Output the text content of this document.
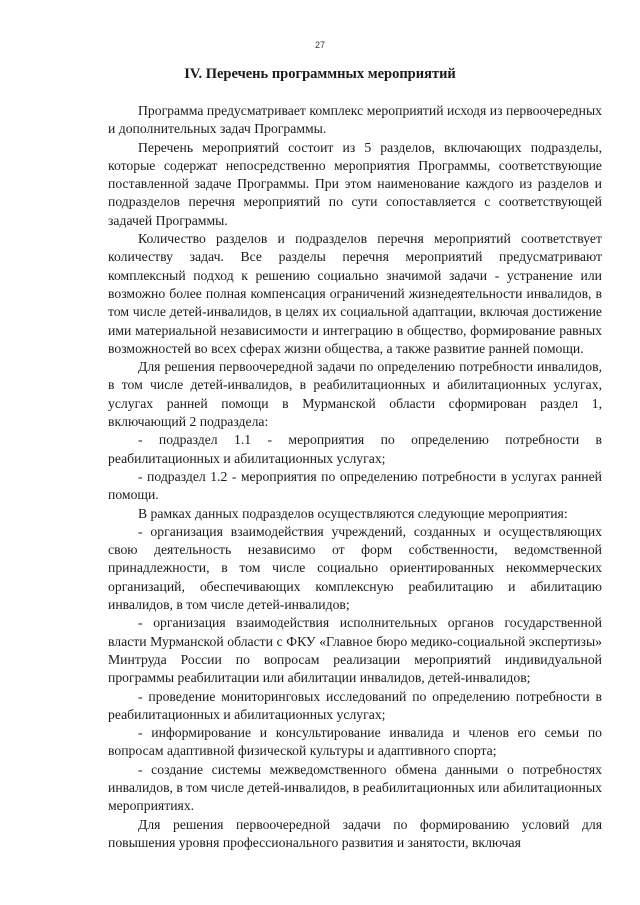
27
IV. Перечень программных мероприятий

Программа предусматривает комплекс мероприятий исходя из первоочередных и дополнительных задач Программы.

Перечень мероприятий состоит из 5 разделов, включающих подразделы, которые содержат непосредственно мероприятия Программы, соответствующие поставленной задаче Программы. При этом наименование каждого из разделов и подразделов перечня мероприятий по сути сопоставляется с соответствующей задачей Программы.

Количество разделов и подразделов перечня мероприятий соответствует количеству задач. Все разделы перечня мероприятий предусматривают комплексный подход к решению социально значимой задачи - устранение или возможно более полная компенсация ограничений жизнедеятельности инвалидов, в том числе детей-инвалидов, в целях их социальной адаптации, включая достижение ими материальной независимости и интеграцию в общество, формирование равных возможностей во всех сферах жизни общества, а также развитие ранней помощи.

Для решения первоочередной задачи по определению потребности инвалидов, в том числе детей-инвалидов, в реабилитационных и абилитационных услугах, услугах ранней помощи в Мурманской области сформирован раздел 1, включающий 2 подраздела:

- подраздел 1.1 - мероприятия по определению потребности в реабилитационных и абилитационных услугах;

- подраздел 1.2 - мероприятия по определению потребности в услугах ранней помощи.

В рамках данных подразделов осуществляются следующие мероприятия:

- организация взаимодействия учреждений, созданных и осуществляющих свою деятельность независимо от форм собственности, ведомственной принадлежности, в том числе социально ориентированных некоммерческих организаций, обеспечивающих комплексную реабилитацию и абилитацию инвалидов, в том числе детей-инвалидов;

- организация взаимодействия исполнительных органов государственной власти Мурманской области с ФКУ «Главное бюро медико-социальной экспертизы» Минтруда России по вопросам реализации мероприятий индивидуальной программы реабилитации или абилитации инвалидов, детей-инвалидов;

- проведение мониторинговых исследований по определению потребности в реабилитационных и абилитационных услугах;

- информирование и консультирование инвалида и членов его семьи по вопросам адаптивной физической культуры и адаптивного спорта;

- создание системы межведомственного обмена данными о потребностях инвалидов, в том числе детей-инвалидов, в реабилитационных или абилитационных мероприятиях.

Для решения первоочередной задачи по формированию условий для повышения уровня профессионального развития и занятости, включая
